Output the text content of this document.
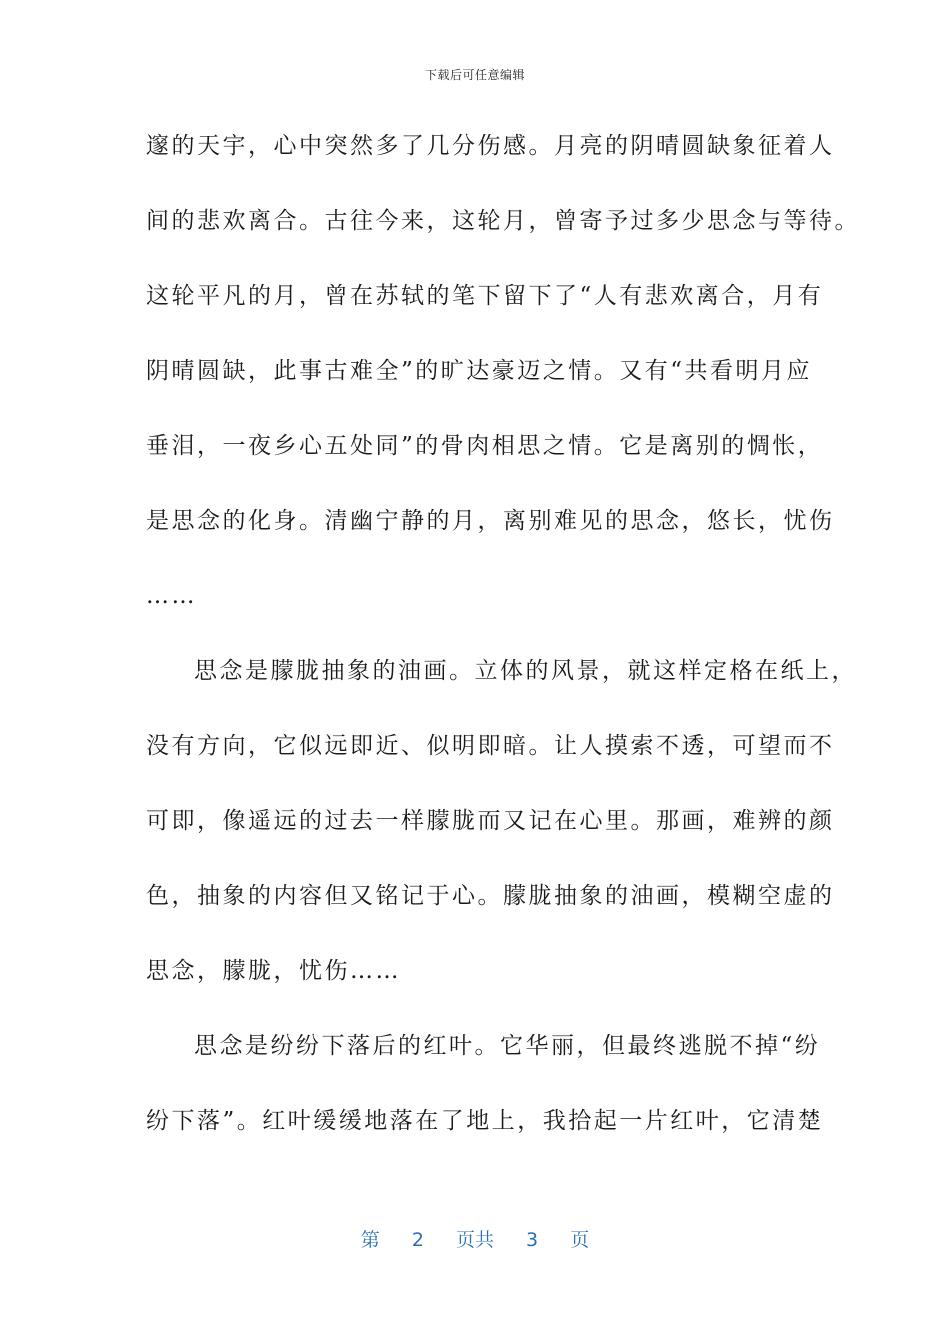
下载后可任意编辑
邃的天宇，心中突然多了几分伤感。月亮的阴晴圆缺象征着人
间的悲欢离合。古往今来，这轮月，曾寄予过多少思念与等待。
这轮平凡的月，曾在苏轼的笔下留下了“人有悲欢离合，月有
阴晴圆缺，此事古难全”的旷达豪迈之情。又有“共看明月应
垂泪，一夜乡心五处同”的骨肉相思之情。它是离别的惆怅，
是思念的化身。清幽宁静的月，离别难见的思念，悠长，忧伤
……
思念是朦胧抽象的油画。立体的风景，就这样定格在纸上，
没有方向，它似远即近、似明即暗。让人摸索不透，可望而不
可即，像遥远的过去一样朦胧而又记在心里。那画，难辨的颜
色，抽象的内容但又铭记于心。朦胧抽象的油画，模糊空虚的
思念，朦胧，忧伤……
思念是纷纷下落后的红叶。它华丽，但最终逃脱不掉“纷
纷下落”。红叶缓缓地落在了地上，我拾起一片红叶，它清楚
第 2 页共 3 页
